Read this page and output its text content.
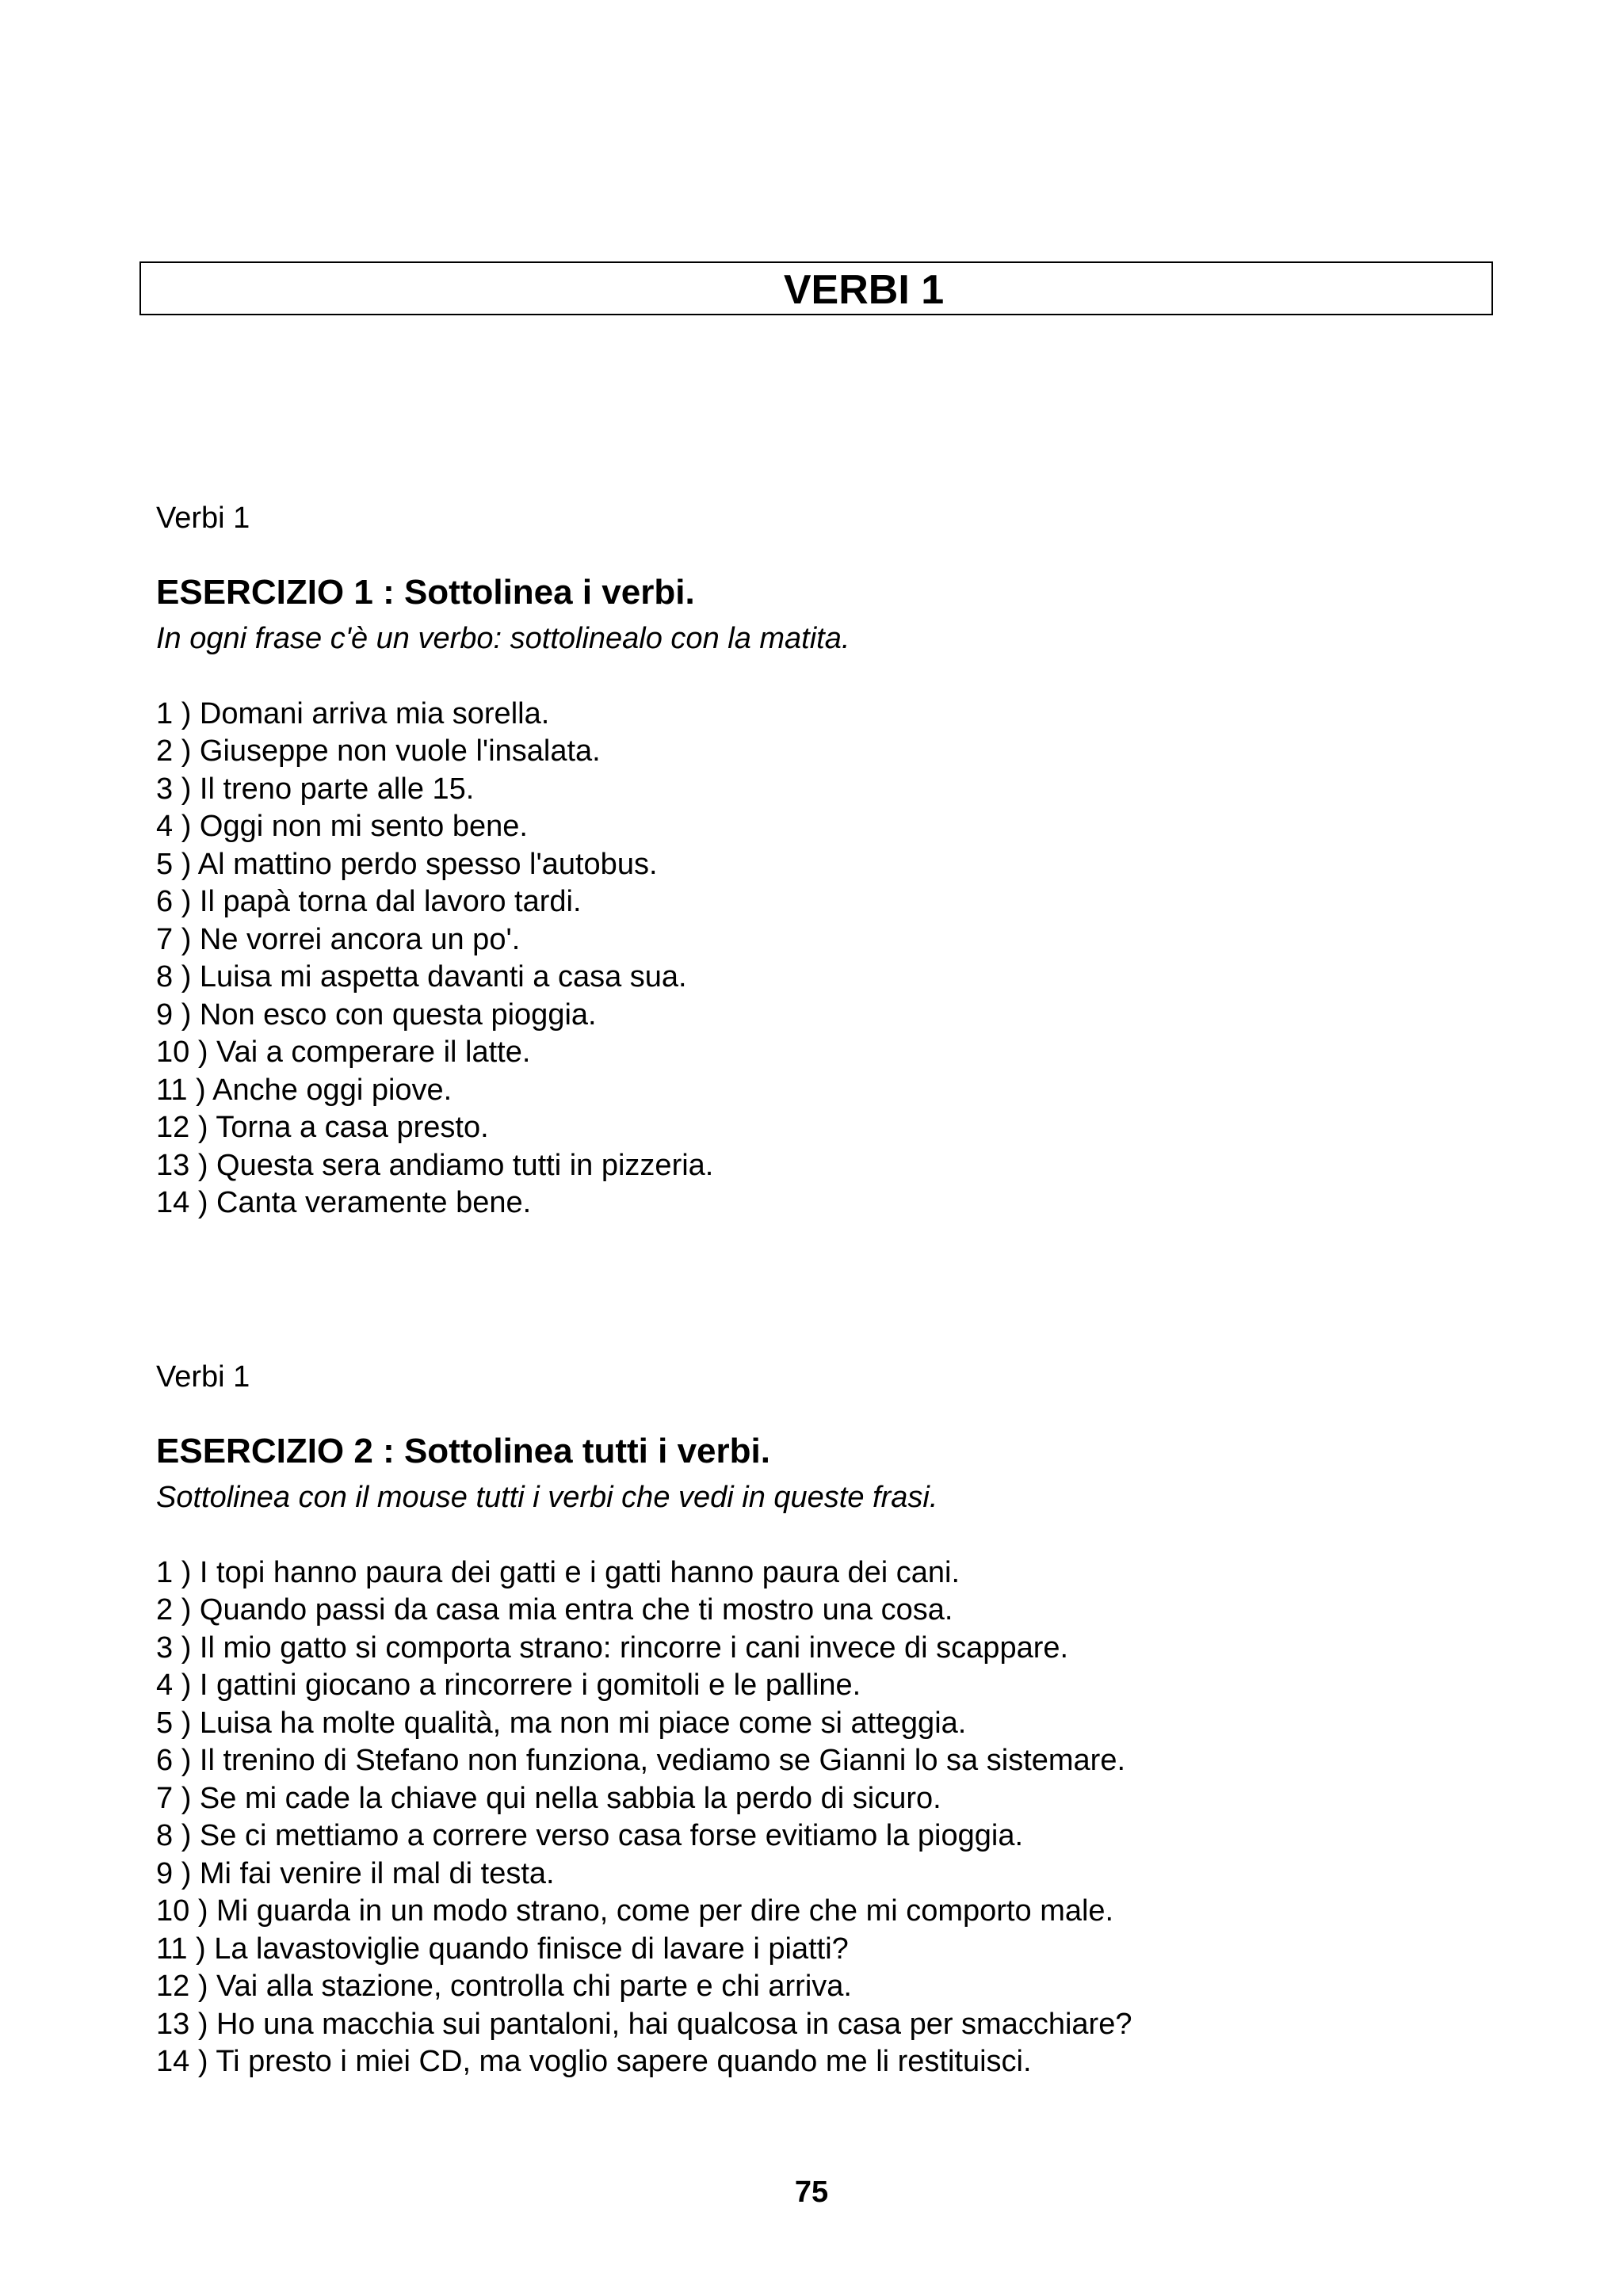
VERBI 1

Verbi 1

ESERCIZIO 1 : Sottolinea i verbi.

In ogni frase c'è un verbo: sottolinealo con la matita.

1 ) Domani arriva mia sorella.
2 ) Giuseppe non vuole l'insalata.
3 ) Il treno parte alle 15.
4 ) Oggi non mi sento bene.
5 ) Al mattino perdo spesso l'autobus.
6 ) Il papà torna dal lavoro tardi.
7 ) Ne vorrei ancora un po'.
8 ) Luisa mi aspetta davanti a casa sua.
9 ) Non esco con questa pioggia.
10 ) Vai a comperare il latte.
11 ) Anche oggi piove.
12 ) Torna a casa presto.
13 ) Questa sera andiamo tutti in pizzeria.
14 ) Canta veramente bene.

Verbi 1

ESERCIZIO 2 : Sottolinea tutti i verbi.

Sottolinea con il mouse tutti i verbi che vedi in queste frasi.

1 ) I topi hanno paura dei gatti e i gatti hanno paura dei cani.
2 ) Quando passi da casa mia entra che ti mostro una cosa.
3 ) Il mio gatto si comporta strano: rincorre i cani invece di scappare.
4 ) I gattini giocano a rincorrere i gomitoli e le palline.
5 ) Luisa ha molte qualità, ma non mi piace come si atteggia.
6 ) Il trenino di Stefano non funziona, vediamo se Gianni lo sa sistemare.
7 ) Se mi cade la chiave qui nella sabbia la perdo di sicuro.
8 ) Se ci mettiamo a correre verso casa forse evitiamo la pioggia.
9 ) Mi fai venire il mal di testa.
10 ) Mi guarda in un modo strano, come per dire che mi comporto male.
11 ) La lavastoviglie quando finisce di lavare i piatti?
12 ) Vai alla stazione, controlla chi parte e chi arriva.
13 ) Ho una macchia sui pantaloni, hai qualcosa in casa per smacchiare?
14 ) Ti presto i miei CD, ma voglio sapere quando me li restituisci.
75
